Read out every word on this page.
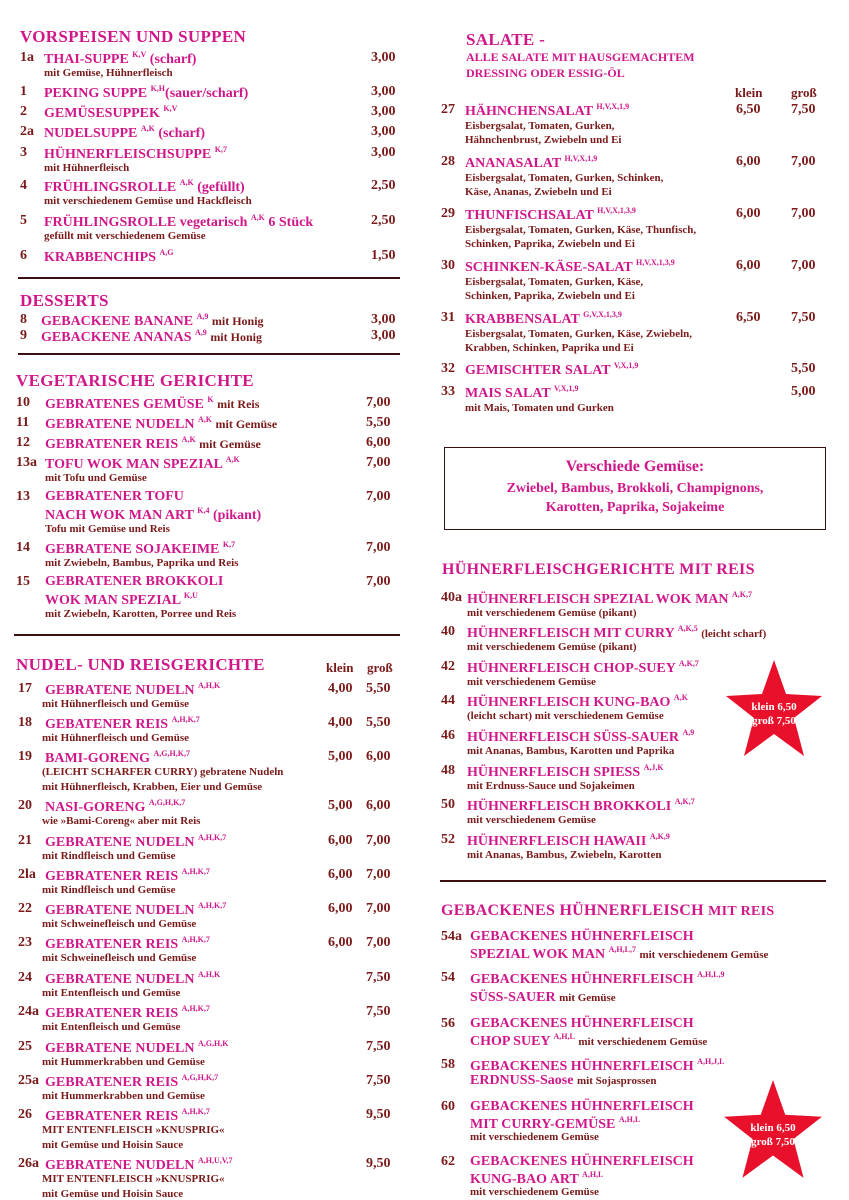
VORSPEISEN UND SUPPEN
1a THAI-SUPPE $^{K,V}$ (scharf)
mit Gemüse, Hühnerfleisch
3,00
1 PEKING SUPPE $^{K,H}$(sauer/scharf)	3,00
2 GEMÜSESUPPEK $^{K,V}$	3,00
2a NUDELSUPPE $^{A,K}$ (scharf)	3,00
3 HÜHNERFLEISCHSUPPE $^{K,7}$
mit Hühnerfleisch
3,00
4 FRÜHLINGSROLLE $^{A,K}$ (gefüllt)
mit verschiedenem Gemüse und Hackfleisch
2,50
5 FRÜHLINGSROLLE vegetarisch $^{A,K}$ 6 Stück
gefüllt mit verschiedenem Gemüse
2,50
6 KRABBENCHIPS $^{A,G}$	1,50
DESSERTS
8 GEBACKENE BANANE $^{A,9}$ mit Honig	3,00
9 GEBACKENE ANANAS $^{A,9}$ mit Honig	3,00
VEGETARISCHE GERICHTE
10 GEBRATENES GEMÜSE $^K$ mit Reis	7,00
11 GEBRATENE NUDELN $^{A,K}$ mit Gemüse	5,50
12 GEBRATENER REIS $^{A,K}$ mit Gemüse	6,00
13a TOFU WOK MAN SPEZIAL $^{A,K}$
mit Tofu und Gemüse
7,00
13 GEBRATENER TOFU
NACH WOK MAN ART $^{K,4}$ (pikant)
Tofu mit Gemüse und Reis
7,00
14 GEBRATENE SOJAKEIME $^{K,7}$
mit Zwiebeln, Bambus, Paprika und Reis
7,00
15 GEBRATENER BROKKOLI
WOK MAN SPEZIAL $^{K,U}$
mit Zwiebeln, Karotten, Porree und Reis
7,00
NUDEL- UND REISGERICHTE	klein groß
17 GEBRATENE NUDELN $^{A,H,K}$
mit Hühnerfleisch und Gemüse
4,00 5,50
18 GEBATENER REIS $^{A,H,K,7}$
mit Hühnerfleisch und Gemüse
4,00 5,50
19 BAMI-GORENG $^{A,G,H,K,7}$
(LEICHT SCHARFER CURRY) gebratene Nudeln
mit Hühnerfleisch, Krabben, Eier und Gemüse
5,00 6,00
20 NASI-GORENG $^{A,G,H,K,7}$
wie »Bami-Coreng« aber mit Reis
5,00 6,00
21 GEBRATENE NUDELN $^{A,H,K,7}$
mit Rindfleisch und Gemüse
6,00 7,00
2la GEBRATENER REIS $^{A,H,K,7}$
mit Rindfleisch und Gemüse
6,00 7,00
22 GEBRATENE NUDELN $^{A,H,K,7}$
mit Schweinefleisch und Gemüse
6,00 7,00
23 GEBRATENER REIS $^{A,H,K,7}$
mit Schweinefleisch und Gemüse
6,00 7,00
24 GEBRATENE NUDELN $^{A,H,K}$
mit Entenfleisch und Gemüse
7,50
24a GEBRATENER REIS $^{A,H,K,7}$
mit Entenfleisch und Gemüse
7,50
25 GEBRATENE NUDELN $^{A,G,H,K}$
mit Hummerkrabben und Gemüse
7,50
25a GEBRATENER REIS $^{A,G,H,K,7}$
mit Hummerkrabben und Gemüse
7,50
26 GEBRATENER REIS $^{A,H,K,7}$
MIT ENTENFLEISCH »KNUSPRIG«
mit Gemüse und Hoisin Sauce
9,50
26a GEBRATENE NUDELN $^{A,H,U,V,7}$
MIT ENTENFLEISCH »KNUSPRIG«
mit Gemüse und Hoisin Sauce
9,50
SALATE -
ALLE SALATE MIT HAUSGEMACHTEM
DRESSING ODER ESSIG-ÖL
klein groß
27 HÄHNCHENSALAT $^{H,V,X,1,9}$
Eisbergsalat, Tomaten, Gurken,
Hähnchenbrust, Zwiebeln und Ei
6,50 7,50
28 ANANASALAT $^{H,V,X,1,9}$
Eisbergsalat, Tomaten, Gurken, Schinken,
Käse, Ananas, Zwiebeln und Ei
6,00 7,00
29 THUNFISCHSALAT $^{H,V,X,1,3,9}$
Eisbergsalat, Tomaten, Gurken, Käse, Thunfisch,
Schinken, Paprika, Zwiebeln und Ei
6,00 7,00
30 SCHINKEN-KÄSE-SALAT $^{H,V,X,1,3,9}$
Eisbergsalat, Tomaten, Gurken, Käse,
Schinken, Paprika, Zwiebeln und Ei
6,00 7,00
31 KRABBENSALAT $^{G,V,X,1,3,9}$
Eisbergsalat, Tomaten, Gurken, Käse, Zwiebeln,
Krabben, Schinken, Paprika und Ei
6,50 7,50
32 GEMISCHTER SALAT $^{V,X,1,9}$	5,50
33 MAIS SALAT $^{V,X,1,9}$
mit Mais, Tomaten und Gurken
5,00
Verschiede Gemüse:
Zwiebel, Bambus, Brokkoli, Champignons,
Karotten, Paprika, Sojakeime
HÜHNERFLEISCHGERICHTE MIT REIS
40a HÜHNERFLEISCH SPEZIAL WOK MAN $^{A,K,7}$
mit verschiedenem Gemüse (pikant)
40 HÜHNERFLEISCH MIT CURRY $^{A,K,5}$ (leicht scharf)
mit verschiedenem Gemüse (pikant)
42 HÜHNERFLEISCH CHOP-SUEY $^{A,K,7}$
mit verschiedenem Gemüse
44 HÜHNERFLEISCH KUNG-BAO $^{A,K}$
(leicht schart) mit verschiedenem Gemüse
46 HÜHNERFLEISCH SÜSS-SAUER $^{A,9}$
mit Ananas, Bambus, Karotten und Paprika
48 HÜHNERFLEISCH SPIESS $^{A,J,K}$
mit Erdnuss-Sauce und Sojakeimen
50 HÜHNERFLEISCH BROKKOLI $^{A,K,7}$
mit verschiedenem Gemüse
52 HÜHNERFLEISCH HAWAII $^{A,K,9}$
mit Ananas, Bambus, Zwiebeln, Karotten
klein 6,50
groß 7,50
GEBACKENES HÜHNERFLEISCH MIT REIS
54a GEBACKENES HÜHNERFLEISCH
SPEZIAL WOK MAN $^{A,H,L,7}$ mit verschiedenem Gemüse
54 GEBACKENES HÜHNERFLEISCH $^{A,H,L,9}$
SÜSS-SAUER mit Gemüse
56 GEBACKENES HÜHNERFLEISCH
CHOP SUEY $^{A,H,L}$ mit verschiedenem Gemüse
58 GEBACKENES HÜHNERFLEISCH $^{A,H,J,L}$
ERDNUSS-Saose mit Sojasprossen
60 GEBACKENES HÜHNERFLEISCH
MIT CURRY-GEMÜSE $^{A,H,L}$
mit verschiedenem Gemüse
62 GEBACKENES HÜHNERFLEISCH
KUNG-BAO ART $^{A,H,L}$
mit verschiedenem Gemüse
klein 6,50
groß 7,50
